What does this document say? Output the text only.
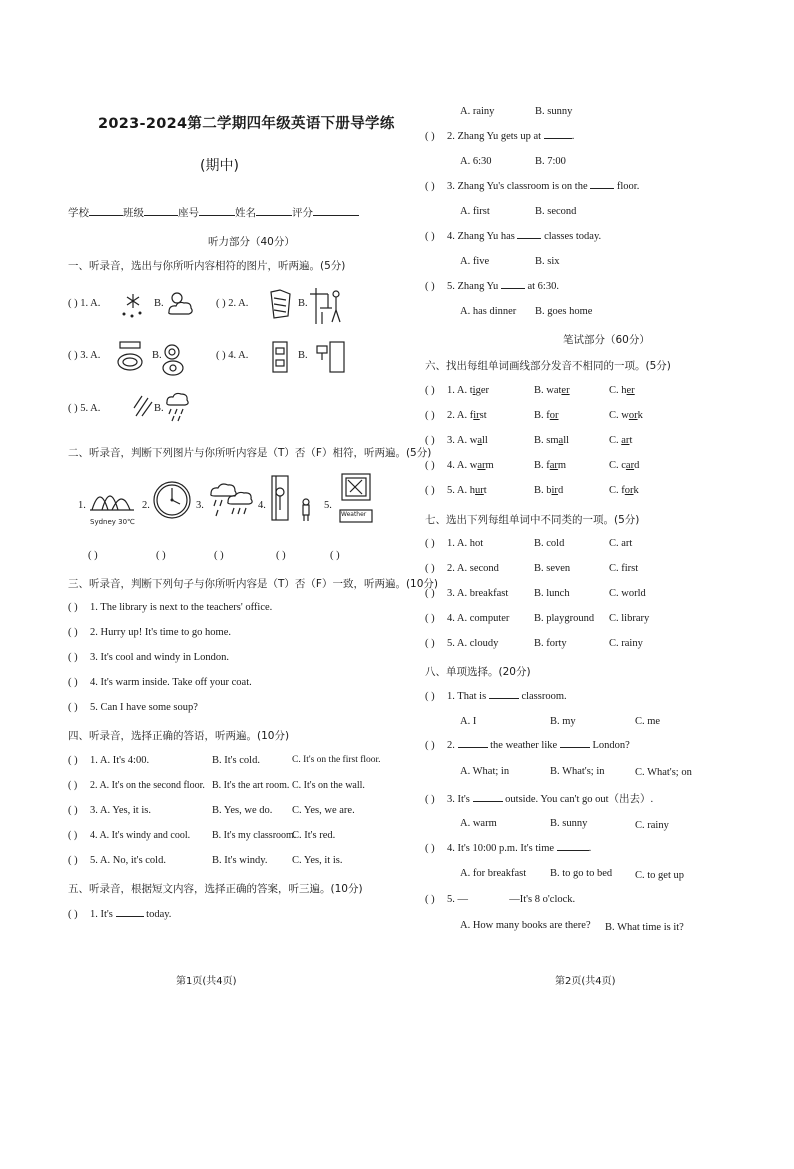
2023-2024第二学期四年级英语下册导学练
(期中)
学校	班级	座号	姓名	评分
听力部分（40分）
一、听录音，选出与你所听内容相符的图片，听两遍。(5分)
( ) 1. A.	B.	( ) 2. A.	B.
( ) 3. A.	B.	( ) 4. A.	B.
( ) 5. A.	B.
二、听录音，判断下列图片与你所听内容是（T）否（F）相符，听两遍。(5分)
1.
Sydney 30℃
2.	3.	4.	5.
Weather
( )	( )	( )	( )	( )
三、听录音，判断下列句子与你所听内容是（T）否（F）一致，听两遍。(10分)
( ) 1. The library is next to the teachers' office.
( ) 2. Hurry up! It's time to go home.
( ) 3. It's cool and windy in London.
( ) 4. It's warm inside. Take off your coat.
( ) 5. Can I have some soup?
四、听录音，选择正确的答语，听两遍。(10分)
( ) 1. A. It's 4:00.	B. It's cold.	C. It's on the first floor.
( ) 2. A. It's on the second floor. B. It's the art room. C. It's on the wall.
( ) 3. A. Yes, it is.	B. Yes, we do. C. Yes, we are.
( ) 4. A. It's windy and cool. B. It's my classroom.
C. It's red.
( ) 5. A. No, it's cold.	B. It's windy. C. Yes, it is.
五、听录音，根据短文内容，选择正确的答案，听三遍。(10分)
( ) 1. It's	today.
第1页(共4页)
A. rainy	B. sunny
( ) 2. Zhang Yu gets up at	.
A. 6:30	B. 7:00
( ) 3. Zhang Yu's classroom is on the	floor.
A. first	B. second
( ) 4. Zhang Yu has	classes today.
A. five	B. six
( ) 5. Zhang Yu	at 6:30.
A. has dinner B. goes home
笔试部分（60分）
六、找出每组单词画线部分发音不相同的一项。(5分)
( ) 1. A. tiger	B. water	C. her
( ) 2. A. first	B. for	C. work
( ) 3. A. wall	B. small	C. art
( ) 4. A. warm	B. farm	C. card
( ) 5. A. hurt	B. bird	C. fork
七、选出下列每组单词中不同类的一项。(5分)
( ) 1. A. hot	B. cold	C. art
( ) 2. A. second	B. seven	C. first
( ) 3. A. breakfast B. lunch	C. world
( ) 4. A. computer B. playground C. library
( ) 5. A. cloudy	B. forty	C. rainy
八、单项选择。(20分)
( ) 1. That is	classroom.
A. I	B. my	C. me
( ) 2.	the weather like	London?
A. What; in	B. What's; in	C. What's; on
( ) 3. It's	outside. You can't go out（出去）.
A. warm	B. sunny	C. rainy
( ) 4. It's 10:00 p.m. It's time	.
A. for breakfast B. to go to bed C. to get up
( ) 5. —	—It's 8 o'clock.
A. How many books are there? B. What time is it?
第2页(共4页)
